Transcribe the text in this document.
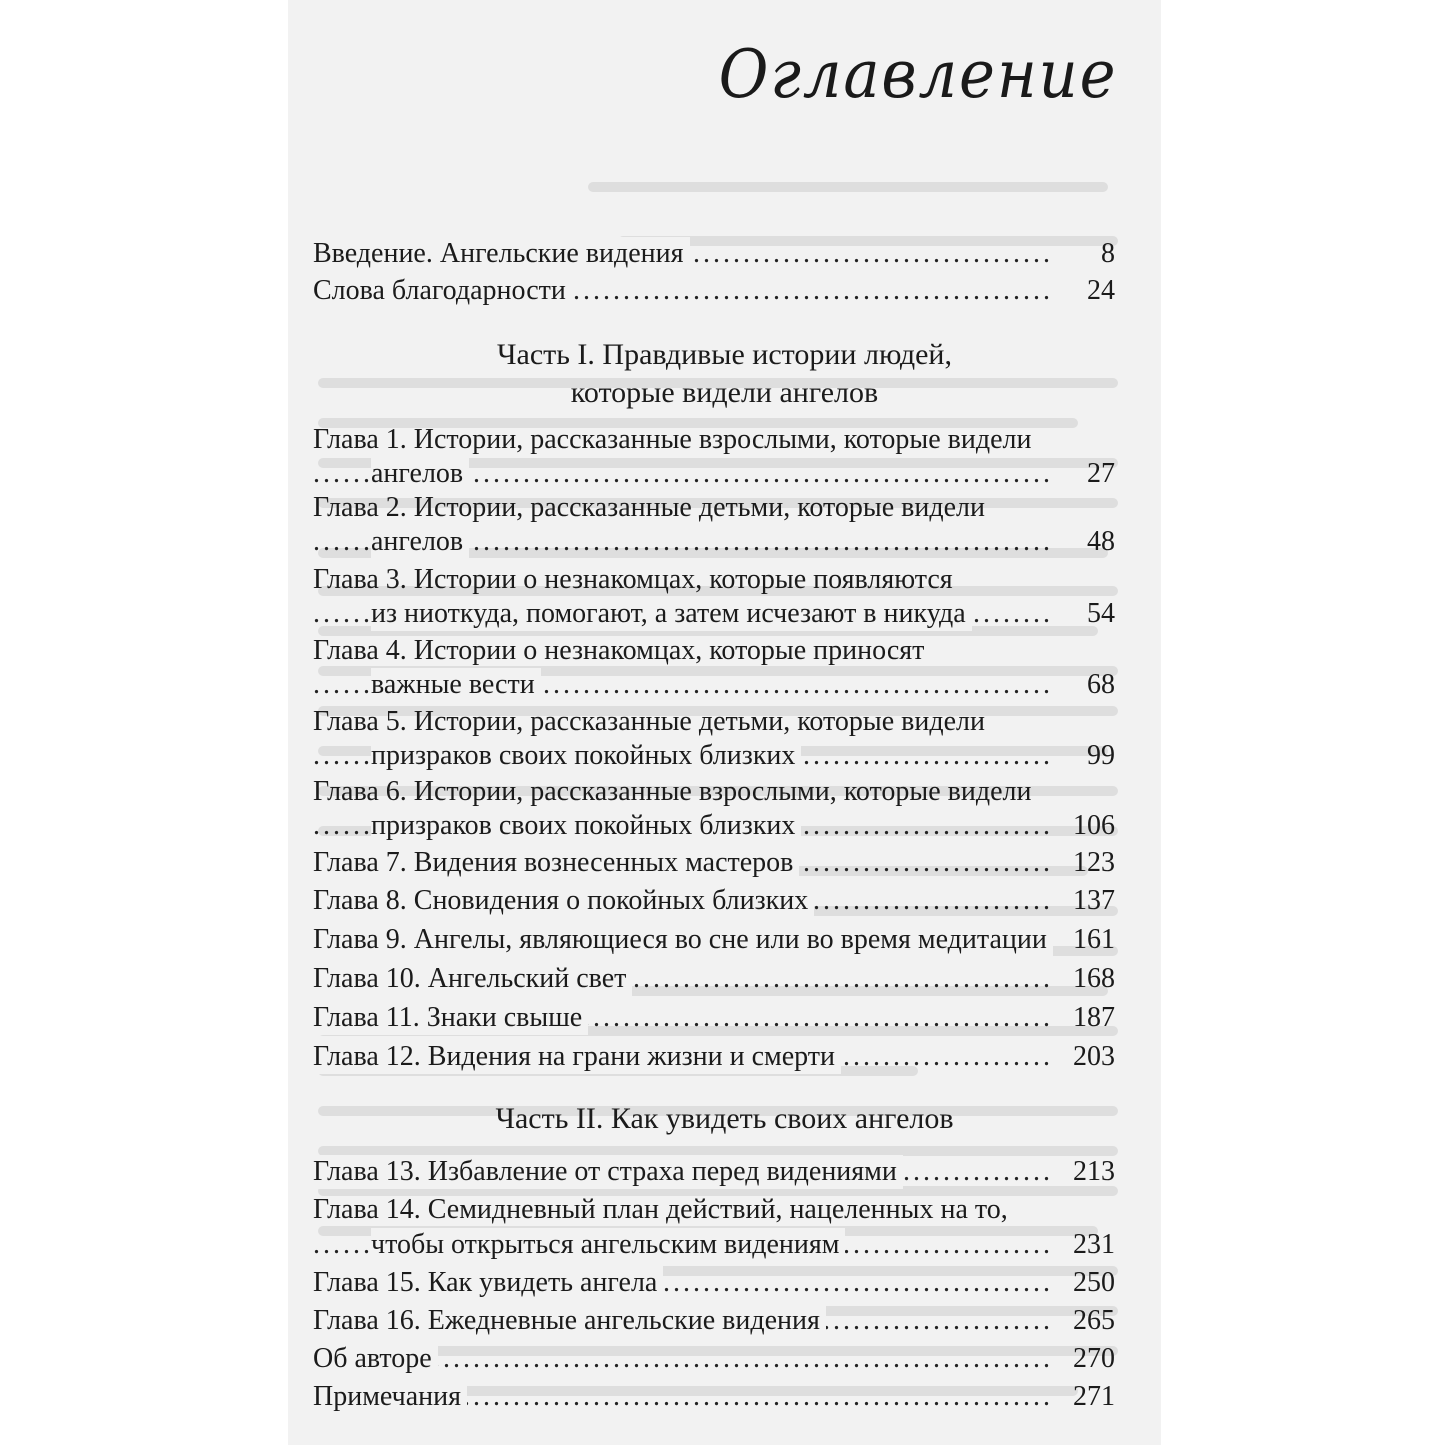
Оглавление
.....
Введение. Ангельские видения	8
.....
Слова благодарности	24
Часть I. Правдивые истории людей,
которые видели ангелов
Глава 1. Истории, рассказанные взрослыми, которые видели
.....
ангелов	27
Глава 2. Истории, рассказанные детьми, которые видели
.....
ангелов	48
Глава 3. Истории о незнакомцах, которые появляются
.....
из ниоткуда, помогают, а затем исчезают в никуда	54
Глава 4. Истории о незнакомцах, которые приносят
.....
важные вести	68
Глава 5. Истории, рассказанные детьми, которые видели
.....
призраков своих покойных близких	99
Глава 6. Истории, рассказанные взрослыми, которые видели
.....
призраков своих покойных близких	106
.....
Глава 7. Видения вознесенных мастеров	123
.....
Глава 8. Сновидения о покойных близких	137
Глава 9. Ангелы, являющиеся во сне или во время медитации 161
.....
Глава 10. Ангельский свет	168
.....
Глава 11. Знаки свыше	187
.....
Глава 12. Видения на грани жизни и смерти	203
Часть II. Как увидеть своих ангелов
.....
Глава 13. Избавление от страха перед видениями	213
Глава 14. Семидневный план действий, нацеленных на то,
.....
чтобы открыться ангельским видениям	231
.....
Глава 15. Как увидеть ангела	250
.....
Глава 16. Ежедневные ангельские видения	265
.....
Об авторе	270
.....
Примечания	271
